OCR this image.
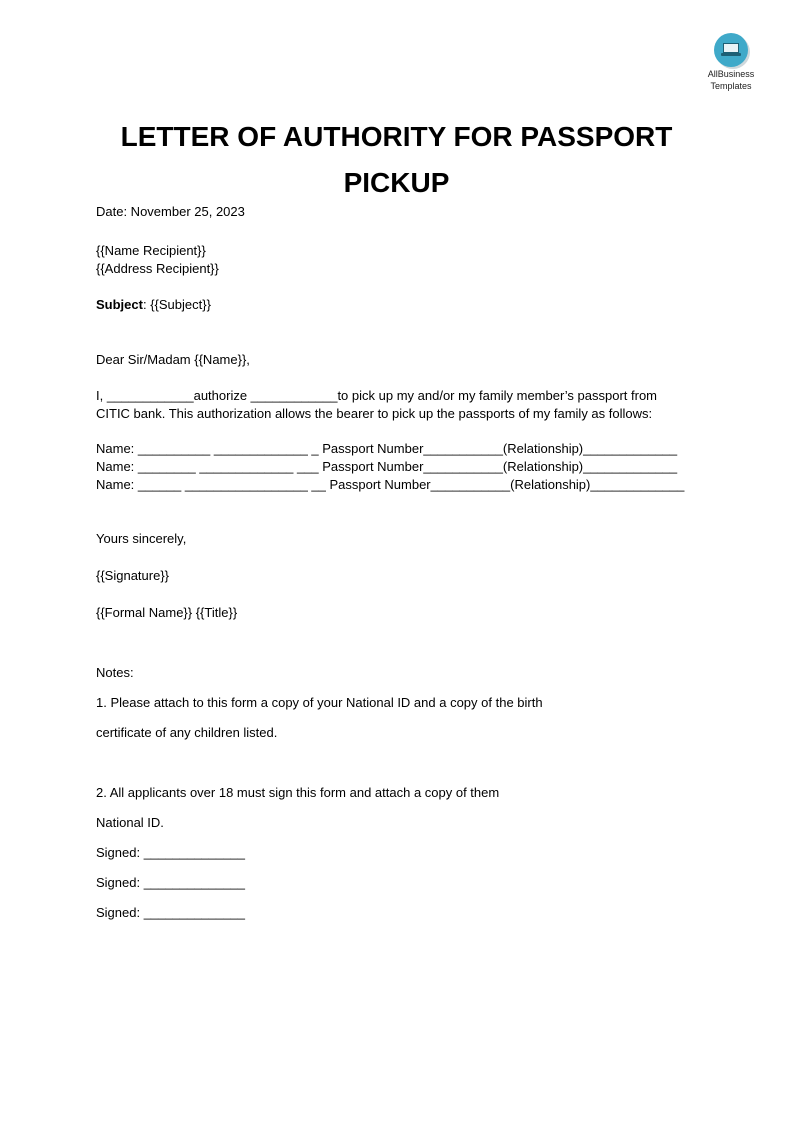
AllBusiness
Templates
LETTER OF AUTHORITY FOR PASSPORT PICKUP
Date: November 25, 2023
{{Name Recipient}}
{{Address Recipient}}
Subject: {{Subject}}
Dear Sir/Madam {{Name}},
I, ____________authorize ____________to pick up my and/or my family member’s passport from
CITIC bank. This authorization allows the bearer to pick up the passports of my family as follows:
Name: __________ _____________ _ Passport Number___________(Relationship)_____________
Name: ________ _____________ ___ Passport Number___________(Relationship)_____________
Name: ______ _________________ __ Passport Number___________(Relationship)_____________
Yours sincerely,
{{Signature}}
{{Formal Name}} {{Title}}
Notes:
1. Please attach to this form a copy of your National ID and a copy of the birth
certificate of any children listed.
2. All applicants over 18 must sign this form and attach a copy of them
National ID.
Signed: ______________
Signed: ______________
Signed: ______________
